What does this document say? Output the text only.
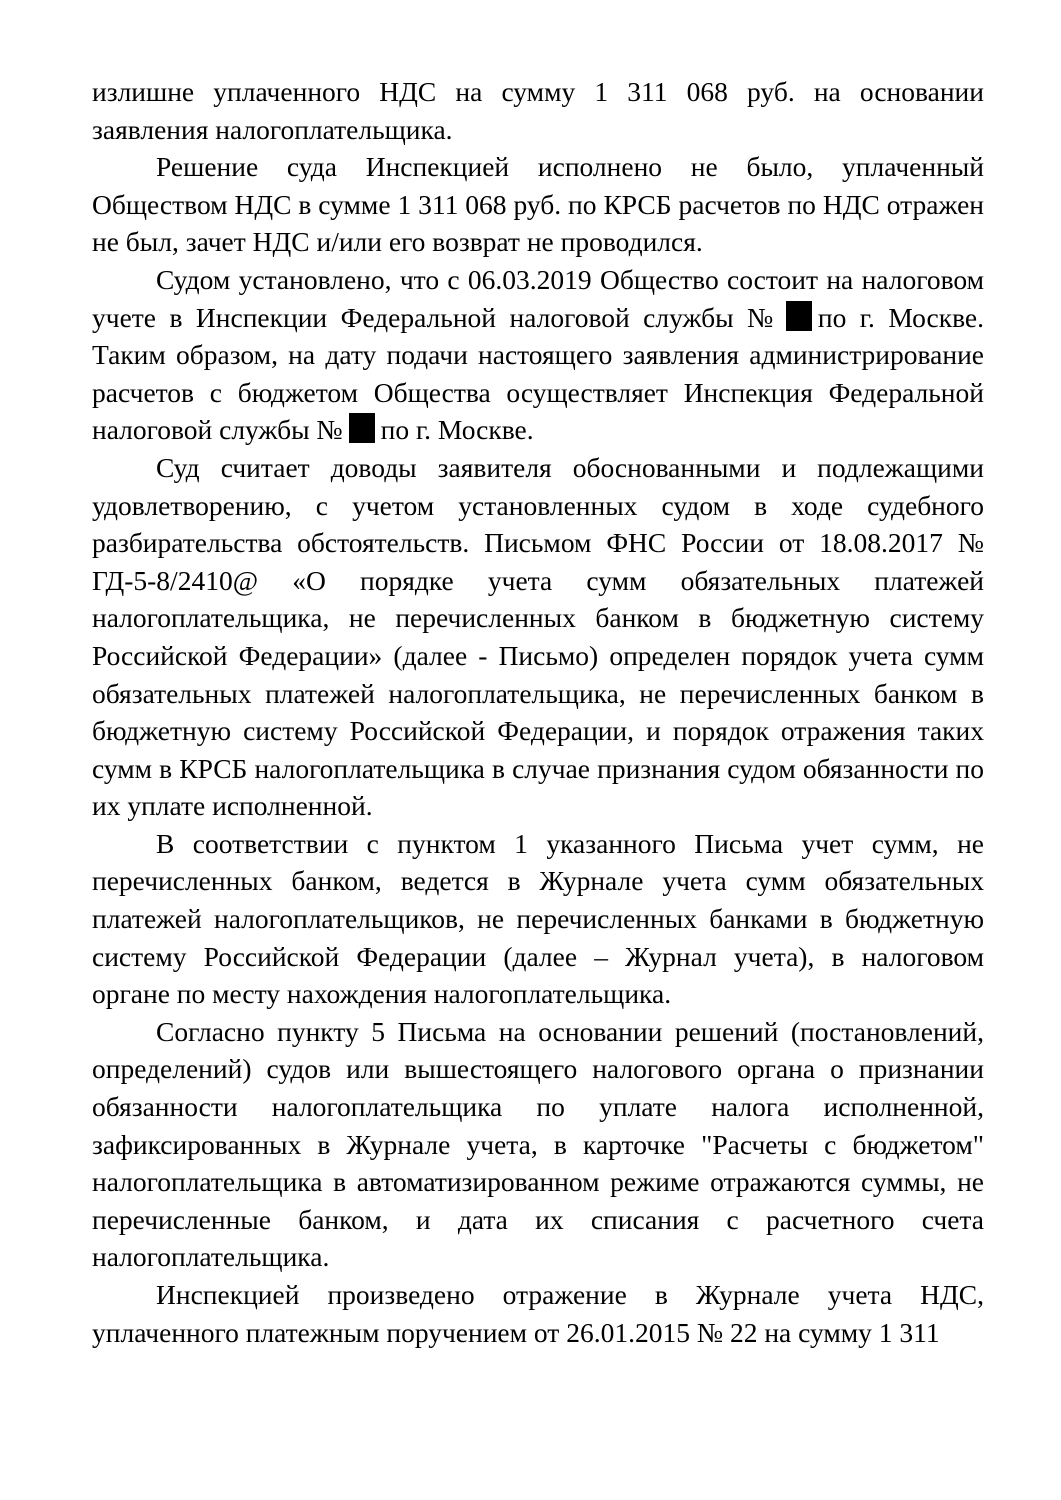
излишне уплаченного НДС на сумму 1 311 068 руб. на основании заявления налогоплательщика.

Решение суда Инспекцией исполнено не было, уплаченный Обществом НДС в сумме 1 311 068 руб. по КРСБ расчетов по НДС отражен не был, зачет НДС и/или его возврат не проводился.

Судом установлено, что с 06.03.2019 Общество состоит на налоговом учете в Инспекции Федеральной налоговой службы № по г. Москве. Таким образом, на дату подачи настоящего заявления администрирование расчетов с бюджетом Общества осуществляет Инспекция Федеральной налоговой службы № по г. Москве.

Суд считает доводы заявителя обоснованными и подлежащими удовлетворению, с учетом установленных судом в ходе судебного разбирательства обстоятельств. Письмом ФНС России от 18.08.2017 № ГД-5-8/2410@ «О порядке учета сумм обязательных платежей налогоплательщика, не перечисленных банком в бюджетную систему Российской Федерации» (далее - Письмо) определен порядок учета сумм обязательных платежей налогоплательщика, не перечисленных банком в бюджетную систему Российской Федерации, и порядок отражения таких сумм в КРСБ налогоплательщика в случае признания судом обязанности по их уплате исполненной.

В соответствии с пунктом 1 указанного Письма учет сумм, не перечисленных банком, ведется в Журнале учета сумм обязательных платежей налогоплательщиков, не перечисленных банками в бюджетную систему Российской Федерации (далее – Журнал учета), в налоговом органе по месту нахождения налогоплательщика.

Согласно пункту 5 Письма на основании решений (постановлений, определений) судов или вышестоящего налогового органа о признании обязанности налогоплательщика по уплате налога исполненной, зафиксированных в Журнале учета, в карточке "Расчеты с бюджетом" налогоплательщика в автоматизированном режиме отражаются суммы, не перечисленные банком, и дата их списания с расчетного счета налогоплательщика.

Инспекцией произведено отражение в Журнале учета НДС, уплаченного платежным поручением от 26.01.2015 № 22 на сумму 1 311
